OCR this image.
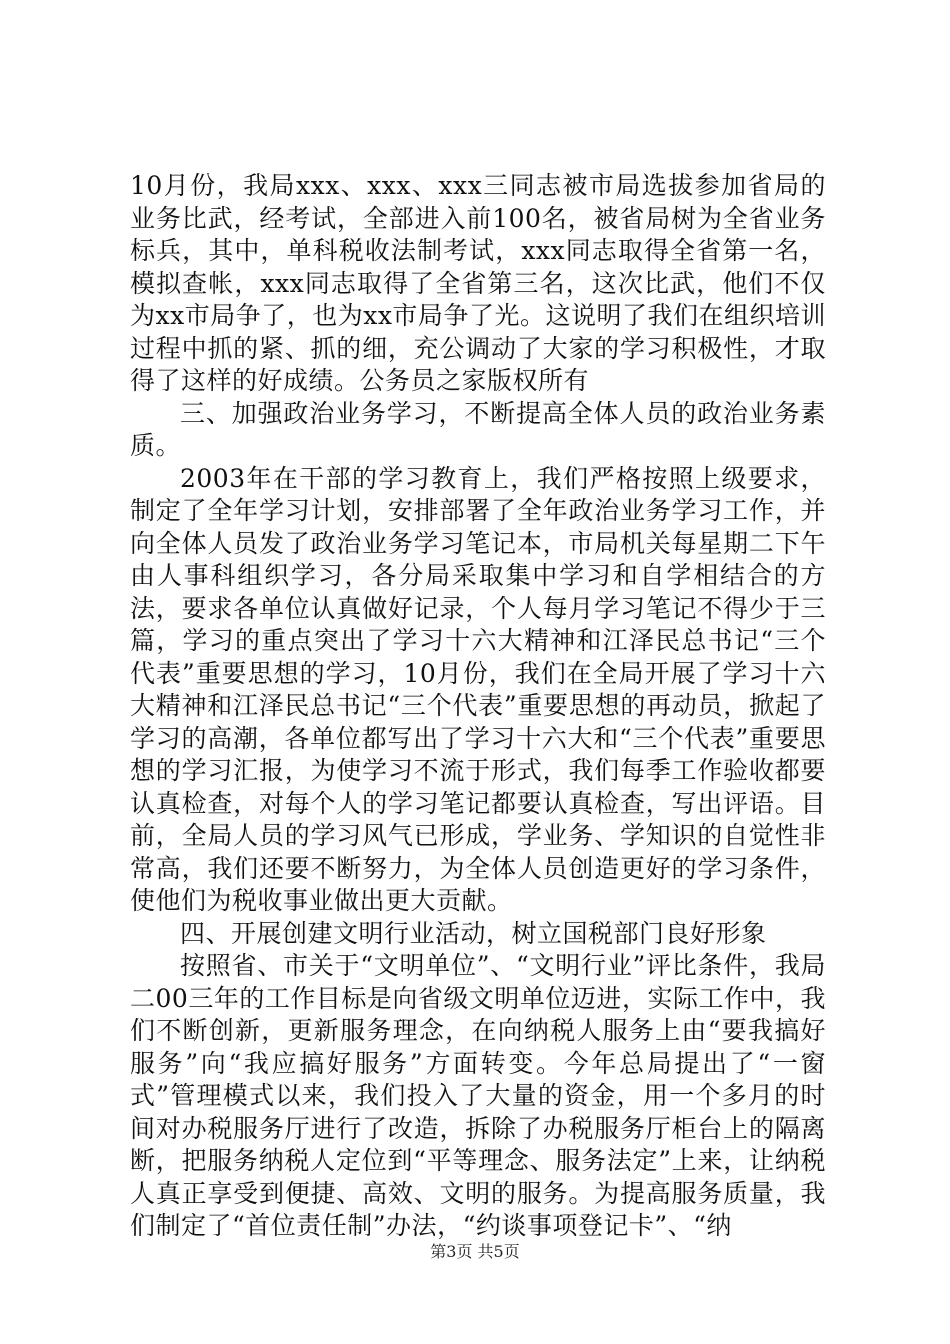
10月份，我局xxx、xxx、xxx三同志被市局选拔参加省局的业务比武，经考试，全部进入前100名，被省局树为全省业务标兵，其中，单科税收法制考试，xxx同志取得全省第一名，模拟查帐，xxx同志取得了全省第三名，这次比武，他们不仅为xx市局争了，也为xx市局争了光。这说明了我们在组织培训过程中抓的紧、抓的细，充公调动了大家的学习积极性，才取得了这样的好成绩。公务员之家版权所有

三、加强政治业务学习，不断提高全体人员的政治业务素质。

2003年在干部的学习教育上，我们严格按照上级要求，制定了全年学习计划，安排部署了全年政治业务学习工作，并向全体人员发了政治业务学习笔记本，市局机关每星期二下午由人事科组织学习，各分局采取集中学习和自学相结合的方法，要求各单位认真做好记录，个人每月学习笔记不得少于三篇，学习的重点突出了学习十六大精神和江泽民总书记“三个代表”重要思想的学习，10月份，我们在全局开展了学习十六大精神和江泽民总书记“三个代表”重要思想的再动员，掀起了学习的高潮，各单位都写出了学习十六大和“三个代表”重要思想的学习汇报，为使学习不流于形式，我们每季工作验收都要认真检查，对每个人的学习笔记都要认真检查，写出评语。目前，全局人员的学习风气已形成，学业务、学知识的自觉性非常高，我们还要不断努力，为全体人员创造更好的学习条件，使他们为税收事业做出更大贡献。

四、开展创建文明行业活动，树立国税部门良好形象

按照省、市关于“文明单位”、“文明行业”评比条件，我局二00三年的工作目标是向省级文明单位迈进，实际工作中，我们不断创新，更新服务理念，在向纳税人服务上由“要我搞好服务”向“我应搞好服务”方面转变。今年总局提出了“一窗式”管理模式以来，我们投入了大量的资金，用一个多月的时间对办税服务厅进行了改造，拆除了办税服务厅柜台上的隔离断，把服务纳税人定位到“平等理念、服务法定”上来，让纳税人真正享受到便捷、高效、文明的服务。为提高服务质量，我们制定了“首位责任制”办法，“约谈事项登记卡”、“纳

第3页 共5页
